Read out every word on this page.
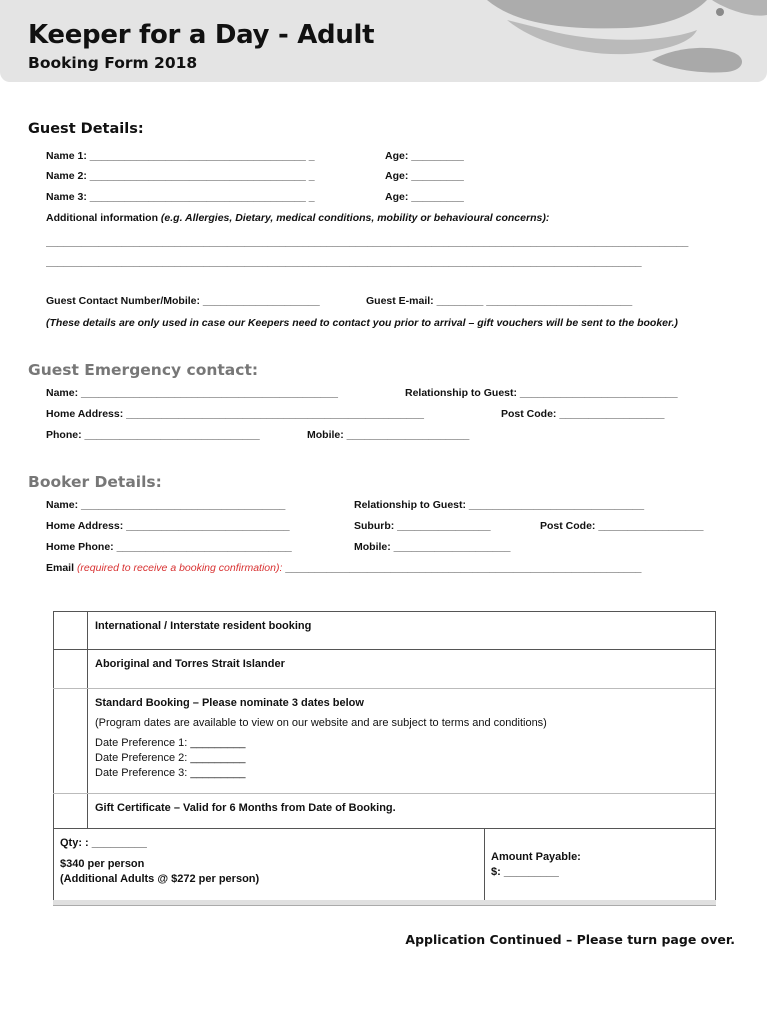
Keeper for a Day - Adult
Booking Form 2018
Guest Details:
Name 1: _____________________________________ _	Age: _________
Name 2: _____________________________________ _	Age: _________
Name 3: _____________________________________ _	Age: _________
Additional information (e.g. Allergies, Dietary, medical conditions, mobility or behavioural concerns):
______________________________________________________________________________________________________________
______________________________________________________________________________________________________
Guest Contact Number/Mobile: ____________________	Guest E-mail: ________ _________________________
(These details are only used in case our Keepers need to contact you prior to arrival – gift vouchers will be sent to the booker.)
Guest Emergency contact:
Name: ____________________________________________	Relationship to Guest: ___________________________
Home Address: ___________________________________________________	Post Code: __________________
Phone: ______________________________	Mobile: _____________________
Booker Details:
Name: ___________________________________	Relationship to Guest: ______________________________
Home Address: ____________________________	Suburb: ________________	Post Code: __________________
Home Phone: ______________________________	Mobile: ____________________
Email (required to receive a booking confirmation): _____________________________________________________________
International / Interstate resident booking
Aboriginal and Torres Strait Islander
Standard Booking – Please nominate 3 dates below
(Program dates are available to view on our website and are subject to terms and conditions)
Date Preference 1: _________
Date Preference 2: _________
Date Preference 3: _________
Gift Certificate – Valid for 6 Months from Date of Booking.
Qty: : _________
$340 per person
(Additional Adults @ $272 per person)
Amount Payable:
$: _________
Application Continued – Please turn page over.
